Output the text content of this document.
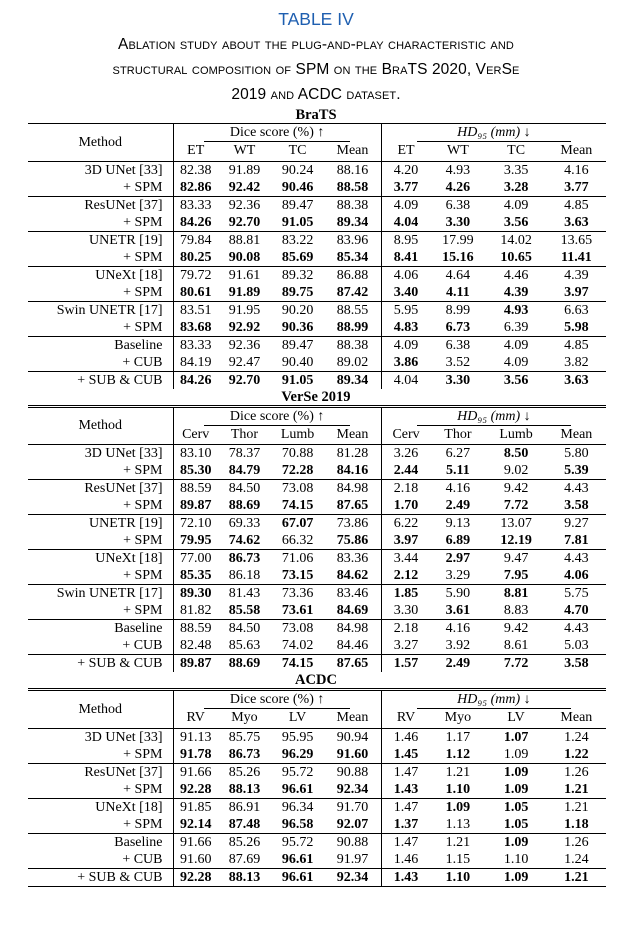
TABLE IV
Ablation study about the plug-and-play characteristic and
structural composition of SPM on the BraTS 2020, VerSe
2019 and ACDC dataset.
BraTS
Method	Dice score (%) ↑				HD₉₅ (mm) ↓			
	ET	WT	TC	Mean	ET	WT	TC	Mean
3D UNet [33]	82.38	91.89	90.24	88.16	4.20	4.93	3.35	4.16
+ SPM	82.86	92.42	90.46	88.58	3.77	4.26	3.28	3.77
ResUNet [37]	83.33	92.36	89.47	88.38	4.09	6.38	4.09	4.85
+ SPM	84.26	92.70	91.05	89.34	4.04	3.30	3.56	3.63
UNETR [19]	79.84	88.81	83.22	83.96	8.95	17.99	14.02	13.65
+ SPM	80.25	90.08	85.69	85.34	8.41	15.16	10.65	11.41
UNeXt [18]	79.72	91.61	89.32	86.88	4.06	4.64	4.46	4.39
+ SPM	80.61	91.89	89.75	87.42	3.40	4.11	4.39	3.97
Swin UNETR [17]	83.51	91.95	90.20	88.55	5.95	8.99	4.93	6.63
+ SPM	83.68	92.92	90.36	88.99	4.83	6.73	6.39	5.98
Baseline	83.33	92.36	89.47	88.38	4.09	6.38	4.09	4.85
+ CUB	84.19	92.47	90.40	89.02	3.86	3.52	4.09	3.82
+ SUB & CUB	84.26	92.70	91.05	89.34	4.04	3.30	3.56	3.63
VerSe 2019
Method	Dice score (%) ↑				HD₉₅ (mm) ↓			
	Cerv	Thor	Lumb	Mean	Cerv	Thor	Lumb	Mean
3D UNet [33]	83.10	78.37	70.88	81.28	3.26	6.27	8.50	5.80
+ SPM	85.30	84.79	72.28	84.16	2.44	5.11	9.02	5.39
ResUNet [37]	88.59	84.50	73.08	84.98	2.18	4.16	9.42	4.43
+ SPM	89.87	88.69	74.15	87.65	1.70	2.49	7.72	3.58
UNETR [19]	72.10	69.33	67.07	73.86	6.22	9.13	13.07	9.27
+ SPM	79.95	74.62	66.32	75.86	3.97	6.89	12.19	7.81
UNeXt [18]	77.00	86.73	71.06	83.36	3.44	2.97	9.47	4.43
+ SPM	85.35	86.18	73.15	84.62	2.12	3.29	7.95	4.06
Swin UNETR [17]	89.30	81.43	73.36	83.46	1.85	5.90	8.81	5.75
+ SPM	81.82	85.58	73.61	84.69	3.30	3.61	8.83	4.70
Baseline	88.59	84.50	73.08	84.98	2.18	4.16	9.42	4.43
+ CUB	82.48	85.63	74.02	84.46	3.27	3.92	8.61	5.03
+ SUB & CUB	89.87	88.69	74.15	87.65	1.57	2.49	7.72	3.58
ACDC
Method	Dice score (%) ↑				HD₉₅ (mm) ↓			
	RV	Myo	LV	Mean	RV	Myo	LV	Mean
3D UNet [33]	91.13	85.75	95.95	90.94	1.46	1.17	1.07	1.24
+ SPM	91.78	86.73	96.29	91.60	1.45	1.12	1.09	1.22
ResUNet [37]	91.66	85.26	95.72	90.88	1.47	1.21	1.09	1.26
+ SPM	92.28	88.13	96.61	92.34	1.43	1.10	1.09	1.21
UNeXt [18]	91.85	86.91	96.34	91.70	1.47	1.09	1.05	1.21
+ SPM	92.14	87.48	96.58	92.07	1.37	1.13	1.05	1.18
Baseline	91.66	85.26	95.72	90.88	1.47	1.21	1.09	1.26
+ CUB	91.60	87.69	96.61	91.97	1.46	1.15	1.10	1.24
+ SUB & CUB	92.28	88.13	96.61	92.34	1.43	1.10	1.09	1.21
